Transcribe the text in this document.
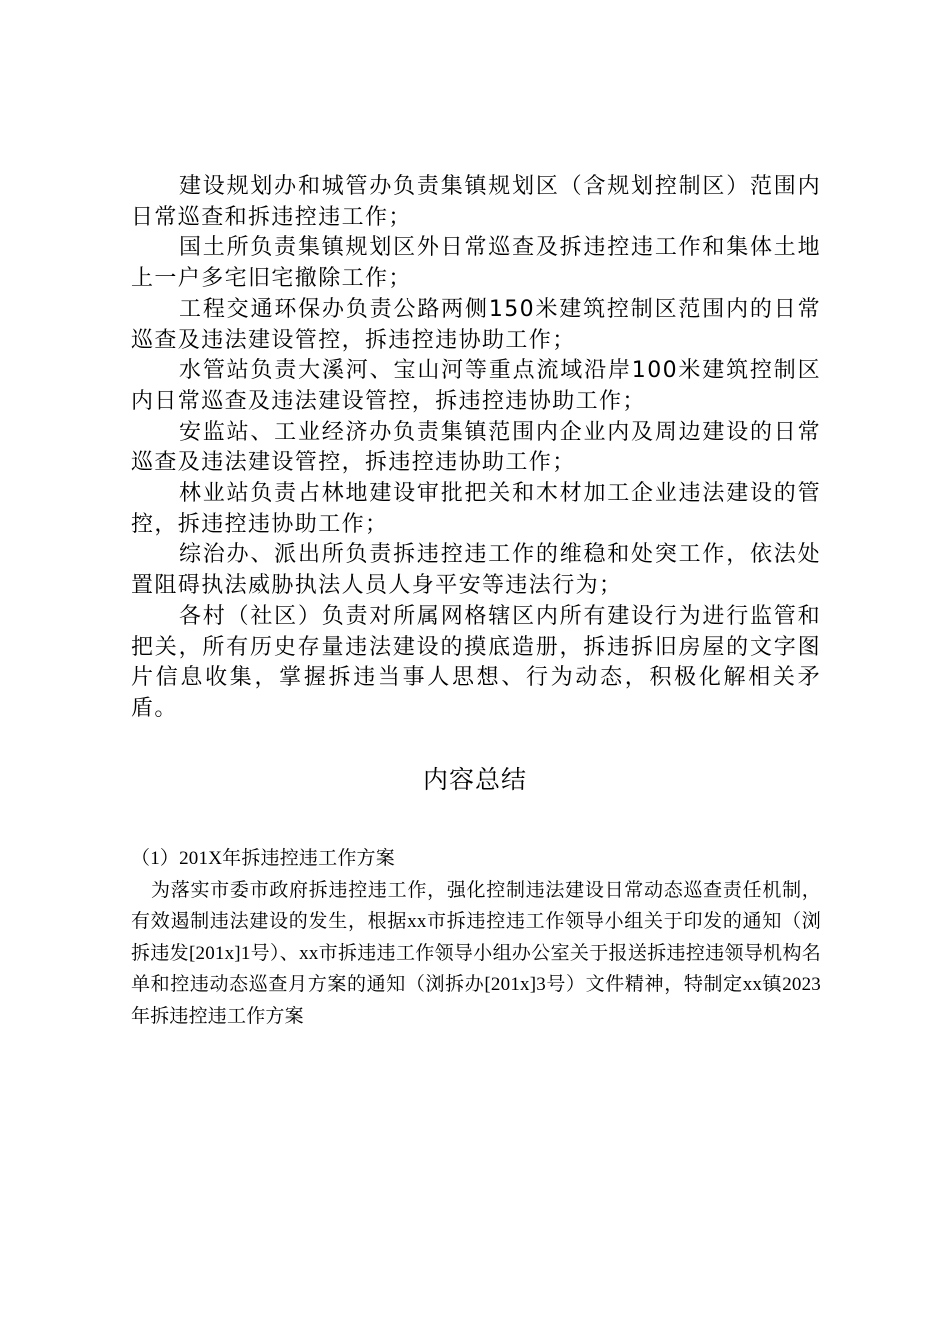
建设规划办和城管办负责集镇规划区（含规划控制区）范围内日常巡查和拆违控违工作；

国土所负责集镇规划区外日常巡查及拆违控违工作和集体土地上一户多宅旧宅撤除工作；

工程交通环保办负责公路两侧150米建筑控制区范围内的日常巡查及违法建设管控，拆违控违协助工作；

水管站负责大溪河、宝山河等重点流域沿岸100米建筑控制区内日常巡查及违法建设管控，拆违控违协助工作；

安监站、工业经济办负责集镇范围内企业内及周边建设的日常巡查及违法建设管控，拆违控违协助工作；

林业站负责占林地建设审批把关和木材加工企业违法建设的管控，拆违控违协助工作；

综治办、派出所负责拆违控违工作的维稳和处突工作，依法处置阻碍执法威胁执法人员人身平安等违法行为；

各村（社区）负责对所属网格辖区内所有建设行为进行监管和把关，所有历史存量违法建设的摸底造册，拆违拆旧房屋的文字图片信息收集，掌握拆违当事人思想、行为动态，积极化解相关矛盾。

内容总结

（1）201X年拆违控违工作方案

为落实市委市政府拆违控违工作，强化控制违法建设日常动态巡查责任机制，有效遏制违法建设的发生，根据xx市拆违控违工作领导小组关于印发的通知（浏拆违发[201x]1号）、xx市拆违违工作领导小组办公室关于报送拆违控违领导机构名单和控违动态巡查月方案的通知（浏拆办[201x]3号）文件精神，特制定xx镇2023年拆违控违工作方案
